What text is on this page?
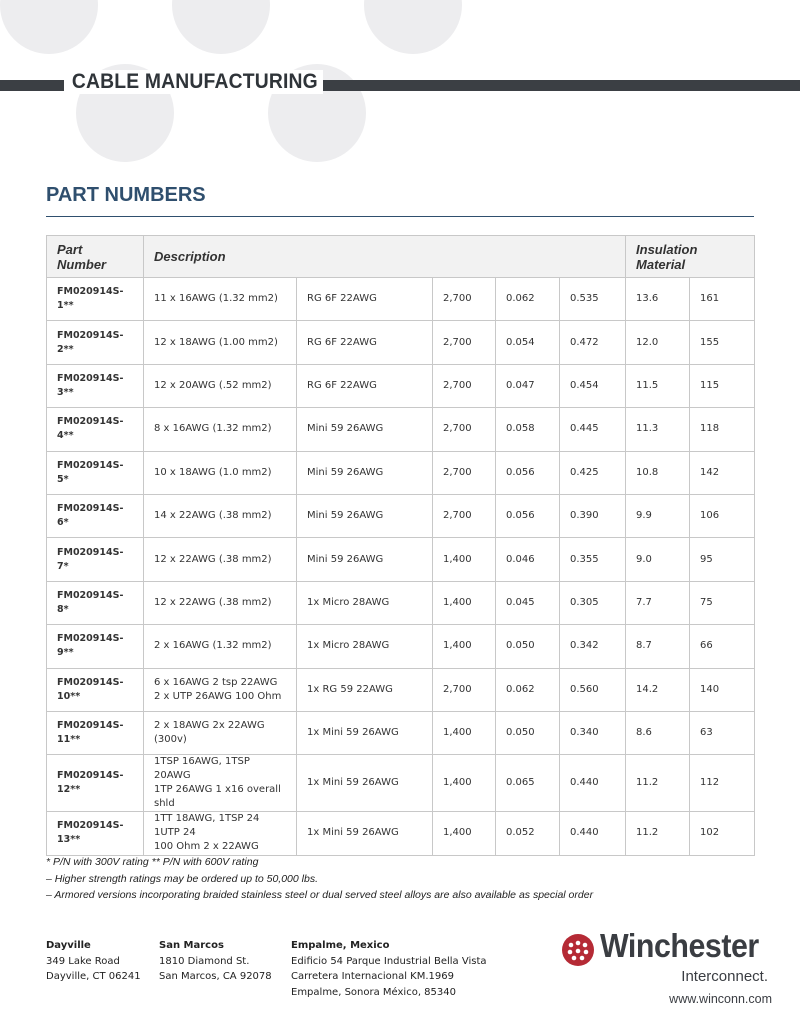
CABLE MANUFACTURING
PART NUMBERS
Part
Number	Description					Insulation
Material	
FM020914S-1**	11 x 16AWG (1.32 mm2)	RG 6F 22AWG	2,700	0.062	0.535	13.6	161
FM020914S-2**	12 x 18AWG (1.00 mm2)	RG 6F 22AWG	2,700	0.054	0.472	12.0	155
FM020914S-3**	12 x 20AWG (.52 mm2)	RG 6F 22AWG	2,700	0.047	0.454	11.5	115
FM020914S-4**	8 x 16AWG (1.32 mm2)	Mini 59 26AWG	2,700	0.058	0.445	11.3	118
FM020914S-5*	10 x 18AWG (1.0 mm2)	Mini 59 26AWG	2,700	0.056	0.425	10.8	142
FM020914S-6*	14 x 22AWG (.38 mm2)	Mini 59 26AWG	2,700	0.056	0.390	9.9	106
FM020914S-7*	12 x 22AWG (.38 mm2)	Mini 59 26AWG	1,400	0.046	0.355	9.0	95
FM020914S-8*	12 x 22AWG (.38 mm2)	1x Micro 28AWG	1,400	0.045	0.305	7.7	75
FM020914S-9**	2 x 16AWG (1.32 mm2)	1x Micro 28AWG	1,400	0.050	0.342	8.7	66
FM020914S-10**	6 x 16AWG 2 tsp 22AWG
2 x UTP 26AWG 100 Ohm	1x RG 59 22AWG	2,700	0.062	0.560	14.2	140
FM020914S-11**	2 x 18AWG 2x 22AWG (300v)	1x Mini 59 26AWG	1,400	0.050	0.340	8.6	63
FM020914S-12**	1TSP 16AWG, 1TSP 20AWG
1TP 26AWG 1 x16 overall shld	1x Mini 59 26AWG	1,400	0.065	0.440	11.2	112
FM020914S-13**	1TT 18AWG, 1TSP 24 1UTP 24
100 Ohm 2 x 22AWG	1x Mini 59 26AWG	1,400	0.052	0.440	11.2	102
* P/N with 300V rating ** P/N with 600V rating
– Higher strength ratings may be ordered up to 50,000 lbs.
– Armored versions incorporating braided stainless steel or dual served steel alloys are also available as special order
Dayville
349 Lake Road
Dayville, CT 06241
San Marcos
1810 Diamond St.
San Marcos, CA 92078
Empalme, Mexico
Edificio 54 Parque Industrial Bella Vista
Carretera Internacional KM.1969
Empalme, Sonora México, 85340
Winchester
Interconnect.
www.winconn.com
